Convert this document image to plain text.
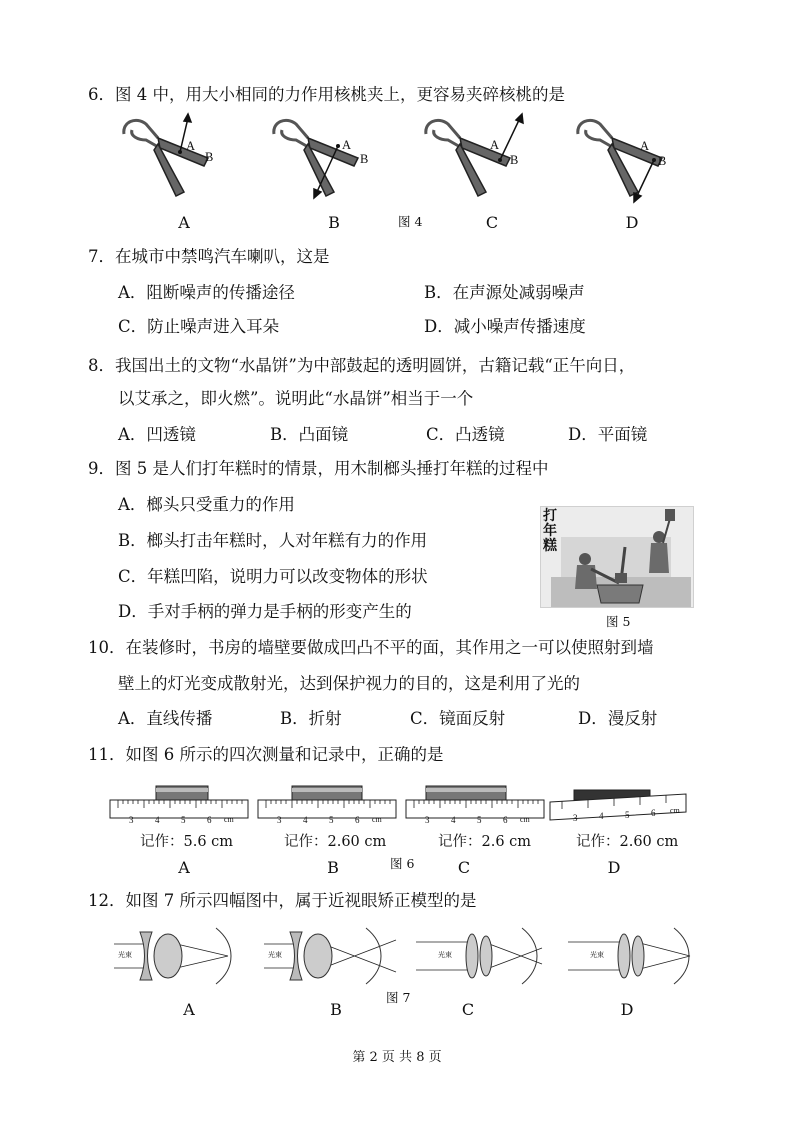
6．图 4 中，用大小相同的力作用核桃夹上，更容易夹碎核桃的是
A
B
A
B
A
B
A
B
A	B	图 4	C	D
7．在城市中禁鸣汽车喇叭，这是
A．阻断噪声的传播途径	B．在声源处减弱噪声
C．防止噪声进入耳朵	D．减小噪声传播速度
8．我国出土的文物“水晶饼”为中部鼓起的透明圆饼，古籍记载“正午向日，
以艾承之，即火燃”。说明此“水晶饼”相当于一个
A．凹透镜	B．凸面镜	C．凸透镜	D．平面镜
9．图 5 是人们打年糕时的情景，用木制榔头捶打年糕的过程中
A．榔头只受重力的作用
B．榔头打击年糕时，人对年糕有力的作用
C．年糕凹陷，说明力可以改变物体的形状
D．手对手柄的弹力是手柄的形变产生的
打年糕
图 5
10．在装修时，书房的墙壁要做成凹凸不平的面，其作用之一可以使照射到墙
壁上的灯光变成散射光，达到保护视力的目的，这是利用了光的
A．直线传播	B．折射	C．镜面反射	D．漫反射
11．如图 6 所示的四次测量和记录中，正确的是
3 4 5 6 cm	3 4 5 6 cm	3 4 5 6 cm	3 4 5 6 cm
记作：5.6 cm	记作：2.60 cm	记作：2.6 cm	记作：2.60 cm
A	B	图 6	C	D
12．如图 7 所示四幅图中，属于近视眼矫正模型的是
光束	光束	光束	光束
A	B
图 7
C	D
第 2 页 共 8 页
